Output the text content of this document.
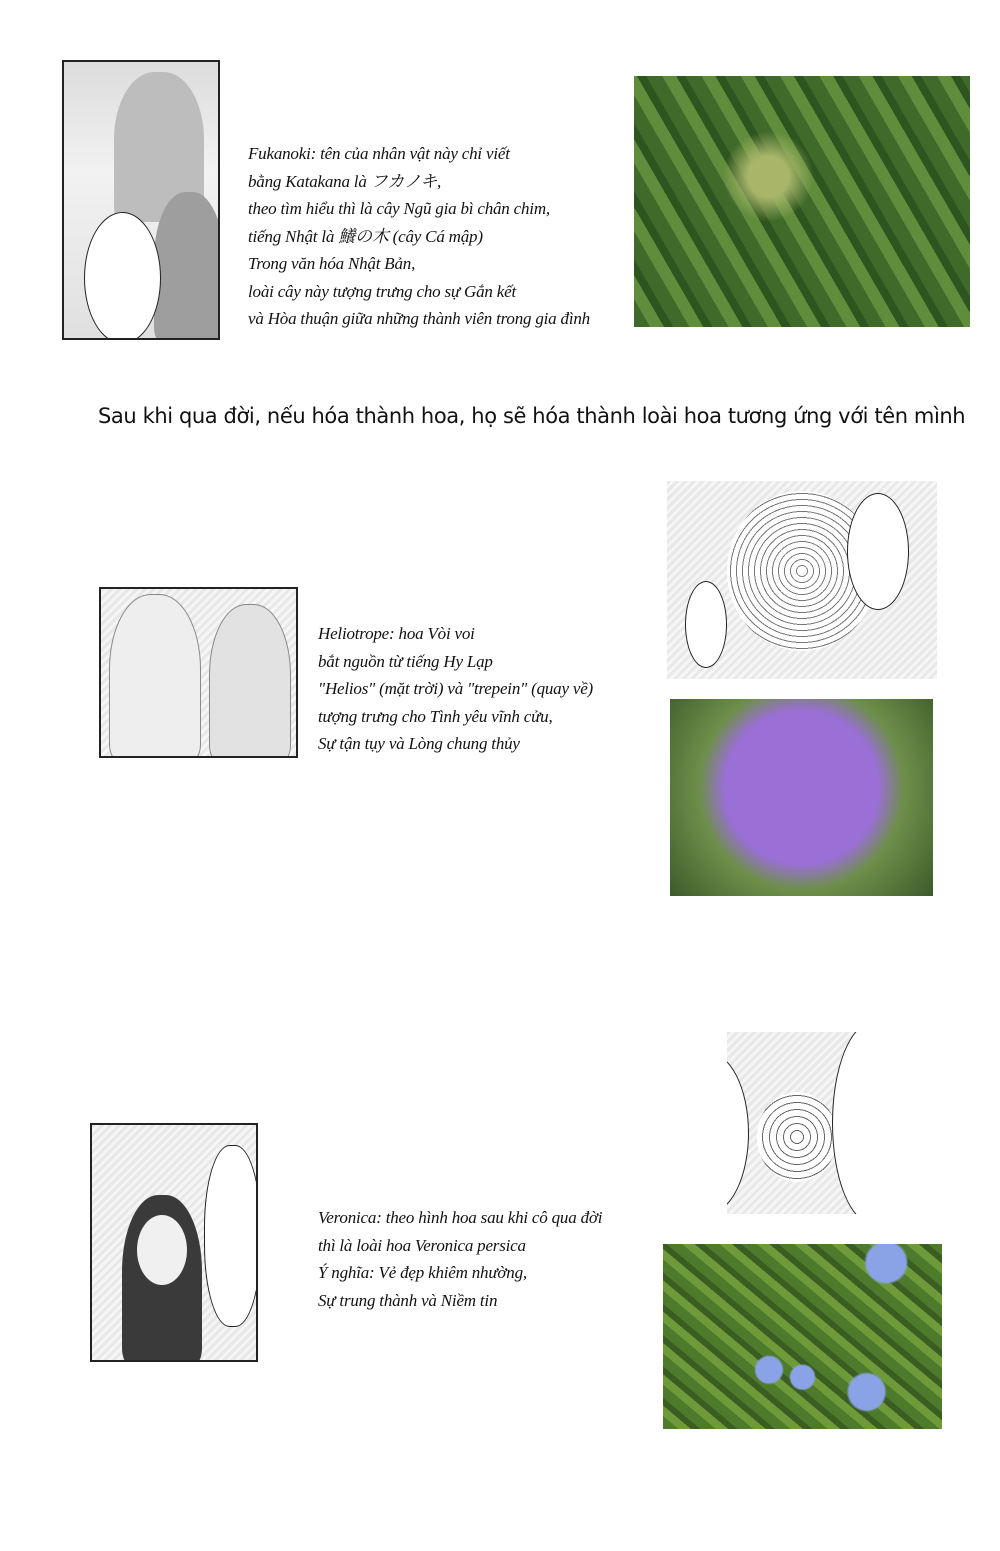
Fukanoki: tên của nhân vật này chỉ viết
bằng Katakana là フカノキ,
theo tìm hiểu thì là cây Ngũ gia bì chân chim,
tiếng Nhật là 鱶の木 (cây Cá mập)
Trong văn hóa Nhật Bản,
loài cây này tượng trưng cho sự Gắn kết
và Hòa thuận giữa những thành viên trong gia đình
Sau khi qua đời, nếu hóa thành hoa, họ sẽ hóa thành loài hoa tương ứng với tên mình
Heliotrope: hoa Vòi voi
bắt nguồn từ tiếng Hy Lạp
"Helios" (mặt trời) và "trepein" (quay về)
tượng trưng cho Tình yêu vĩnh cửu,
Sự tận tụy và Lòng chung thủy
Veronica: theo hình hoa sau khi cô qua đời
thì là loài hoa Veronica persica
Ý nghĩa: Vẻ đẹp khiêm nhường,
Sự trung thành và Niềm tin
